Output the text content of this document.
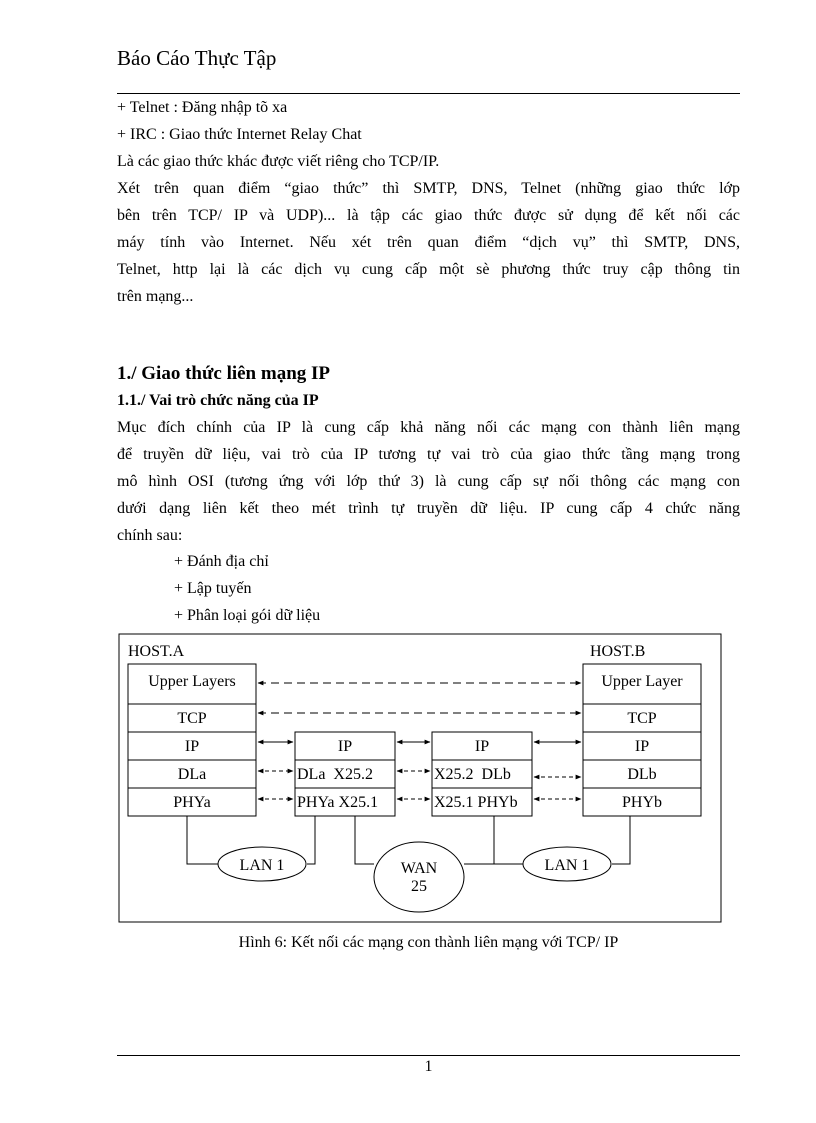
Báo Cáo Thực Tập
+ Telnet : Đăng nhập tõ xa
+ IRC : Giao thức Internet Relay Chat
Là các giao thức khác được viết riêng cho TCP/IP.
Xét trên quan điểm “giao thức” thì SMTP, DNS, Telnet (những giao thức lớp
bên trên TCP/ IP và UDP)... là tập các giao thức được sử dụng để kết nối các
máy tính vào Internet. Nếu xét trên quan điểm “dịch vụ” thì SMTP, DNS,
Telnet, http lại là các dịch vụ cung cấp một sè phương thức truy cập thông tin
trên mạng...
1./ Giao thức liên mạng IP
1.1./ Vai trò chức năng của IP
Mục đích chính của IP là cung cấp khả năng nối các mạng con thành liên mạng
để truyền dữ liệu, vai trò của IP tương tự vai trò của giao thức tầng mạng trong
mô hình OSI (tương ứng với lớp thứ 3) là cung cấp sự nối thông các mạng con
dưới dạng liên kết theo mét trình tự truyền dữ liệu. IP cung cấp 4 chức năng
chính sau:
+ Đánh địa chỉ
+ Lập tuyến
+ Phân loại gói dữ liệu
HOST.A	HOST.B
Upper Layers
TCP
IP
DLa
PHYa
Upper Layer
TCP
IP
DLb
PHYb
IP
DLa  X25.2
PHYa X25.1
IP
X25.2  DLb
X25.1 PHYb
LAN 1	WAN
25
LAN 1
Hình 6: Kết nối các mạng con thành liên mạng với TCP/ IP
1
